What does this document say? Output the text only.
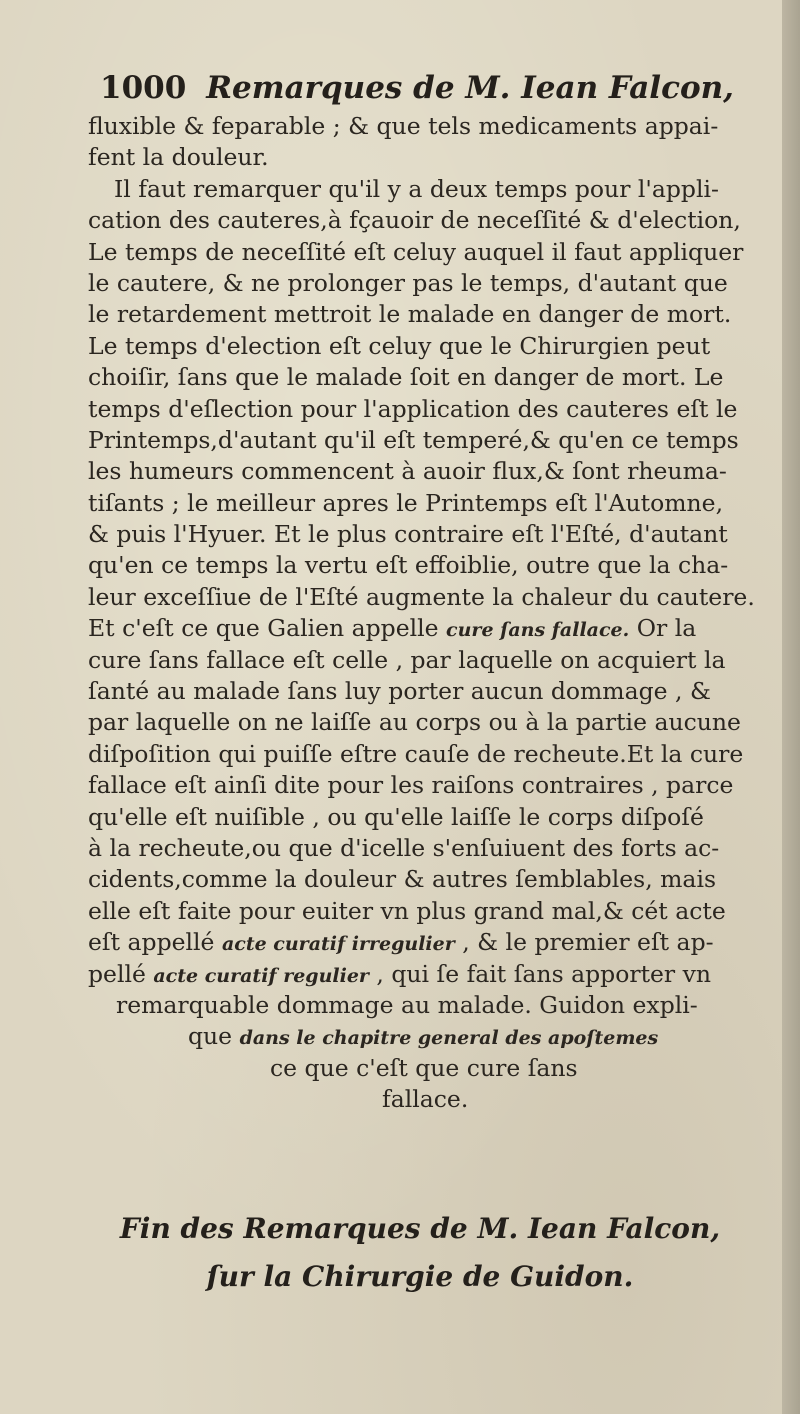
1000 Remarques de M. Iean Falcon,
fluxible & feparable ; & que tels medicaments appai-
fent la douleur.
Il faut remarquer qu'il y a deux temps pour l'appli-
cation des cauteres,à fçauoir de neceſſité & d'election,
Le temps de neceſſité eſt celuy auquel il faut appliquer
le cautere, & ne prolonger pas le temps, d'autant que
le retardement mettroit le malade en danger de mort.
Le temps d'election eſt celuy que le Chirurgien peut
choiſir, ſans que le malade ſoit en danger de mort. Le
temps d'eſlection pour l'application des cauteres eſt le
Printemps,d'autant qu'il eſt temperé,& qu'en ce temps
les humeurs commencent à auoir flux,& ſont rheuma-
tiſants ; le meilleur apres le Printemps eſt l'Automne,
& puis l'Hyuer. Et le plus contraire eſt l'Eſté, d'autant
qu'en ce temps la vertu eſt effoiblie, outre que la cha-
leur exceſſiue de l'Eſté augmente la chaleur du cautere.
Et c'eſt ce que Galien appelle cure ſans fallace. Or la
cure ſans fallace eſt celle , par laquelle on acquiert la
ſanté au malade ſans luy porter aucun dommage , &
par laquelle on ne laiſſe au corps ou à la partie aucune
diſpoſition qui puiſſe eſtre cauſe de recheute.Et la cure
fallace eſt ainſi dite pour les raiſons contraires , parce
qu'elle eſt nuiſible , ou qu'elle laiſſe le corps diſpoſé
à la recheute,ou que d'icelle s'enſuiuent des forts ac-
cidents,comme la douleur & autres ſemblables, mais
elle eſt faite pour euiter vn plus grand mal,& cét acte
eſt appellé acte curatif irregulier , & le premier eſt ap-
pellé acte curatif regulier , qui ſe fait ſans apporter vn
remarquable dommage au malade. Guidon expli-
que dans le chapitre general des apoſtemes
ce que c'eſt que cure ſans
fallace.
Fin des Remarques de M. Iean Falcon,
ſur la Chirurgie de Guidon.
